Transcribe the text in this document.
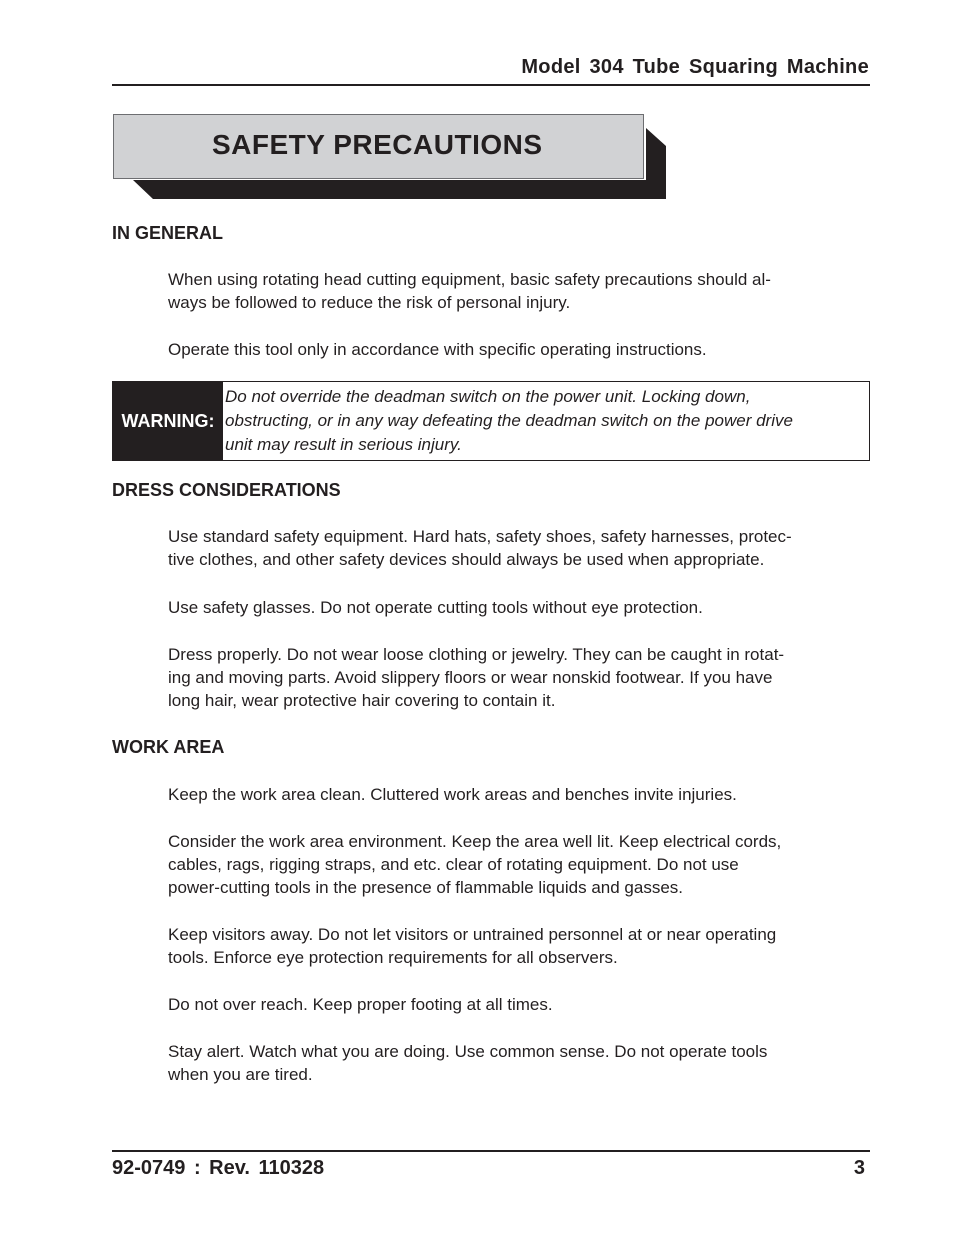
Model 304 Tube Squaring Machine
SAFETY PRECAUTIONS
IN GENERAL

When using rotating head cutting equipment, basic safety precautions should al-
ways be followed to reduce the risk of personal injury.

Operate this tool only in accordance with specific operating instructions.

WARNING:
Do not override the deadman switch on the power unit. Locking down,
obstructing, or in any way defeating the deadman switch on the power drive
unit may result in serious injury.
DRESS CONSIDERATIONS

Use standard safety equipment. Hard hats, safety shoes, safety harnesses, protec-
tive clothes, and other safety devices should always be used when appropriate.

Use safety glasses. Do not operate cutting tools without eye protection.

Dress properly. Do not wear loose clothing or jewelry. They can be caught in rotat-
ing and moving parts. Avoid slippery floors or wear nonskid footwear. If you have
long hair, wear protective hair covering to contain it.

WORK AREA

Keep the work area clean. Cluttered work areas and benches invite injuries.

Consider the work area environment. Keep the area well lit. Keep electrical cords,
cables, rags, rigging straps, and etc. clear of rotating equipment. Do not use
power-cutting tools in the presence of flammable liquids and gasses.

Keep visitors away. Do not let visitors or untrained personnel at or near operating
tools. Enforce eye protection requirements for all observers.

Do not over reach. Keep proper footing at all times.

Stay alert. Watch what you are doing. Use common sense. Do not operate tools
when you are tired.

92-0749 : Rev. 110328	3
